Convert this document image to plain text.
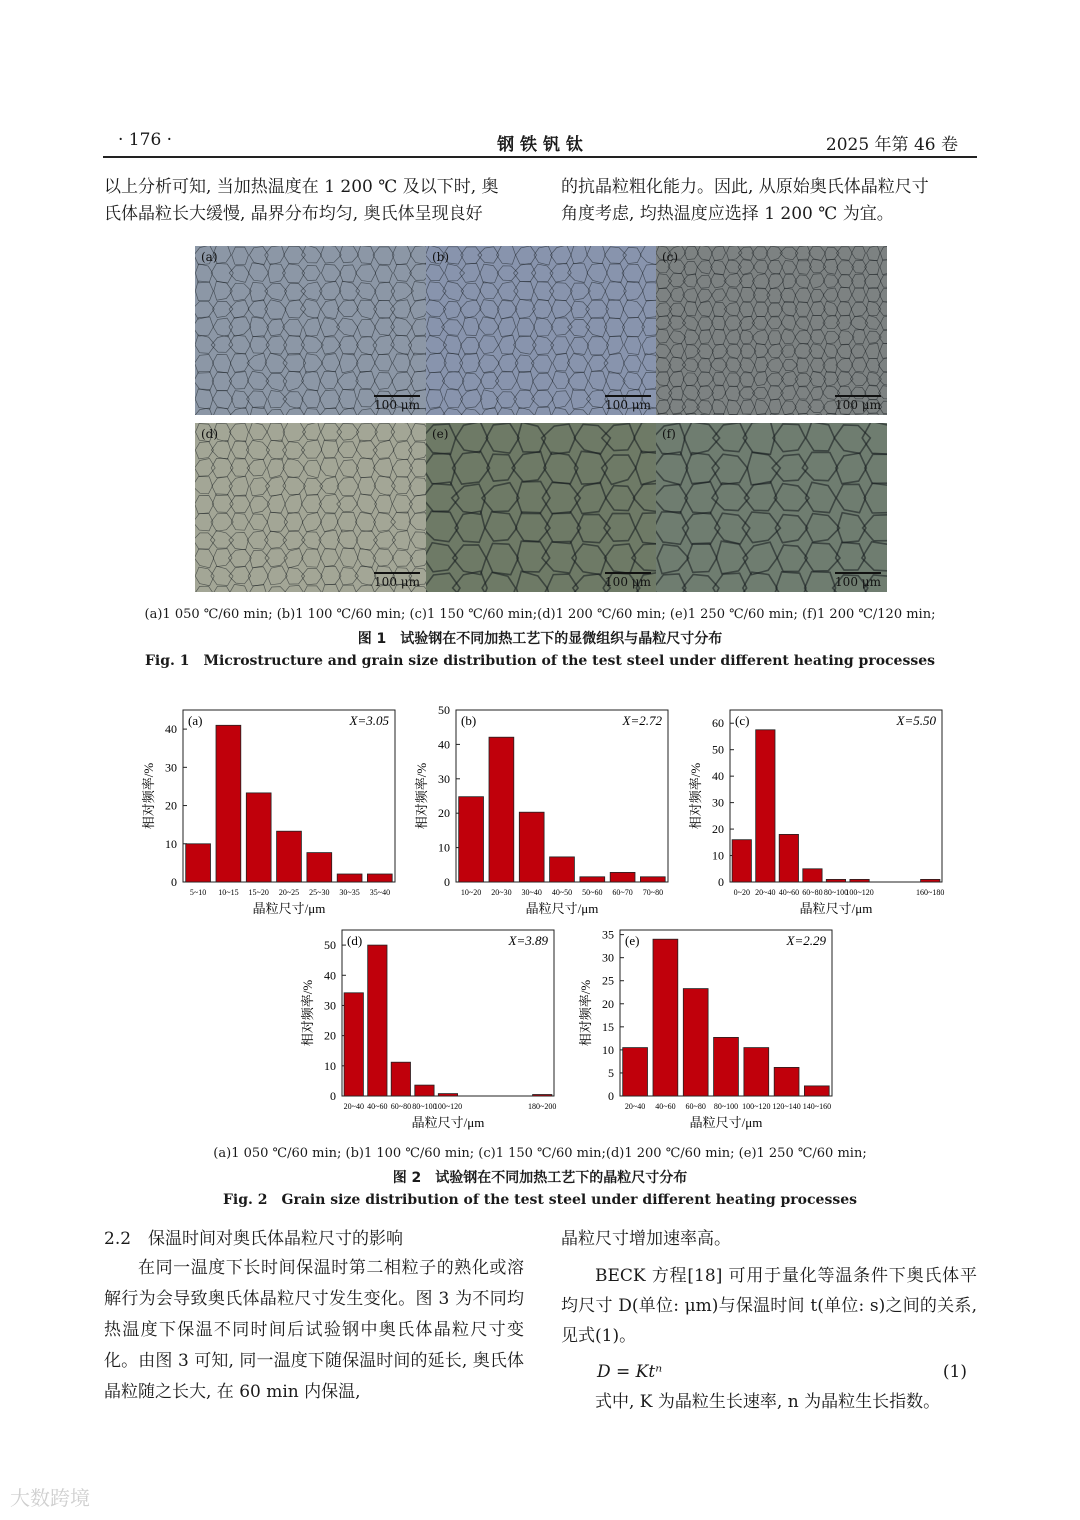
· 176 ·	钢 铁 钒 钛	2025 年第 46 卷

以上分析可知, 当加热温度在 1 200 ℃ 及以下时, 奥

氏体晶粒长大缓慢, 晶界分布均匀, 奥氏体呈现良好

的抗晶粒粗化能力。因此, 从原始奥氏体晶粒尺寸

角度考虑, 均热温度应选择 1 200 ℃ 为宜。

(a)
100 μm
(b)
100 μm
(c)
100 μm
(d)
100 μm
(e)
100 μm
(f)
100 μm
(a)1 050 ℃/60 min; (b)1 100 ℃/60 min; (c)1 150 ℃/60 min;(d)1 200 ℃/60 min; (e)1 250 ℃/60 min; (f)1 200 ℃/120 min;
图 1　试验钢在不同加热工艺下的显微组织与晶粒尺寸分布
Fig. 1　Microstructure and grain size distribution of the test steel under different heating processes
0
10
20
30
40
5~10 10~15 15~20 20~25 25~30 30~35 35~40
(a)	X=3.05
晶粒尺寸/μm
相对频率/%
0
10
20
30
40
50
10~20 20~30 30~40 40~50 50~60 60~70 70~80
(b)	X=2.72
晶粒尺寸/μm
相对频率/%
0
10
20
30
40
50
60
0~20 20~40 40~60 60~80 80~100
100~120	160~180
(c)	X=5.50
晶粒尺寸/μm
相对频率/%
0
10
20
30
40
50
20~40 40~60 60~80 80~100
100~120	180~200
(d)	X=3.89
晶粒尺寸/μm
相对频率/%
0
5
10
15
20
25
30
35
20~40 40~60 60~80 80~100 100~120 120~140 140~160
(e)	X=2.29
晶粒尺寸/μm
相对频率/%
(a)1 050 ℃/60 min; (b)1 100 ℃/60 min; (c)1 150 ℃/60 min;(d)1 200 ℃/60 min; (e)1 250 ℃/60 min;
图 2　试验钢在不同加热工艺下的晶粒尺寸分布
Fig. 2　Grain size distribution of the test steel under different heating processes

2.2　保温时间对奥氏体晶粒尺寸的影响

在同一温度下长时间保温时第二相粒子的熟化或溶解行为会导致奥氏体晶粒尺寸发生变化。图 3 为不同均热温度下保温不同时间后试验钢中奥氏体晶粒尺寸变化。由图 3 可知, 同一温度下随保温时间的延长, 奥氏体晶粒随之长大, 在 60 min 内保温,

晶粒尺寸增加速率高。

BECK 方程[18] 可用于量化等温条件下奥氏体平均尺寸 D(单位: μm)与保温时间 t(单位: s)之间的关系, 见式(1)。

D = Ktⁿ	(1)

式中, K 为晶粒生长速率, n 为晶粒生长指数。

大数跨境
